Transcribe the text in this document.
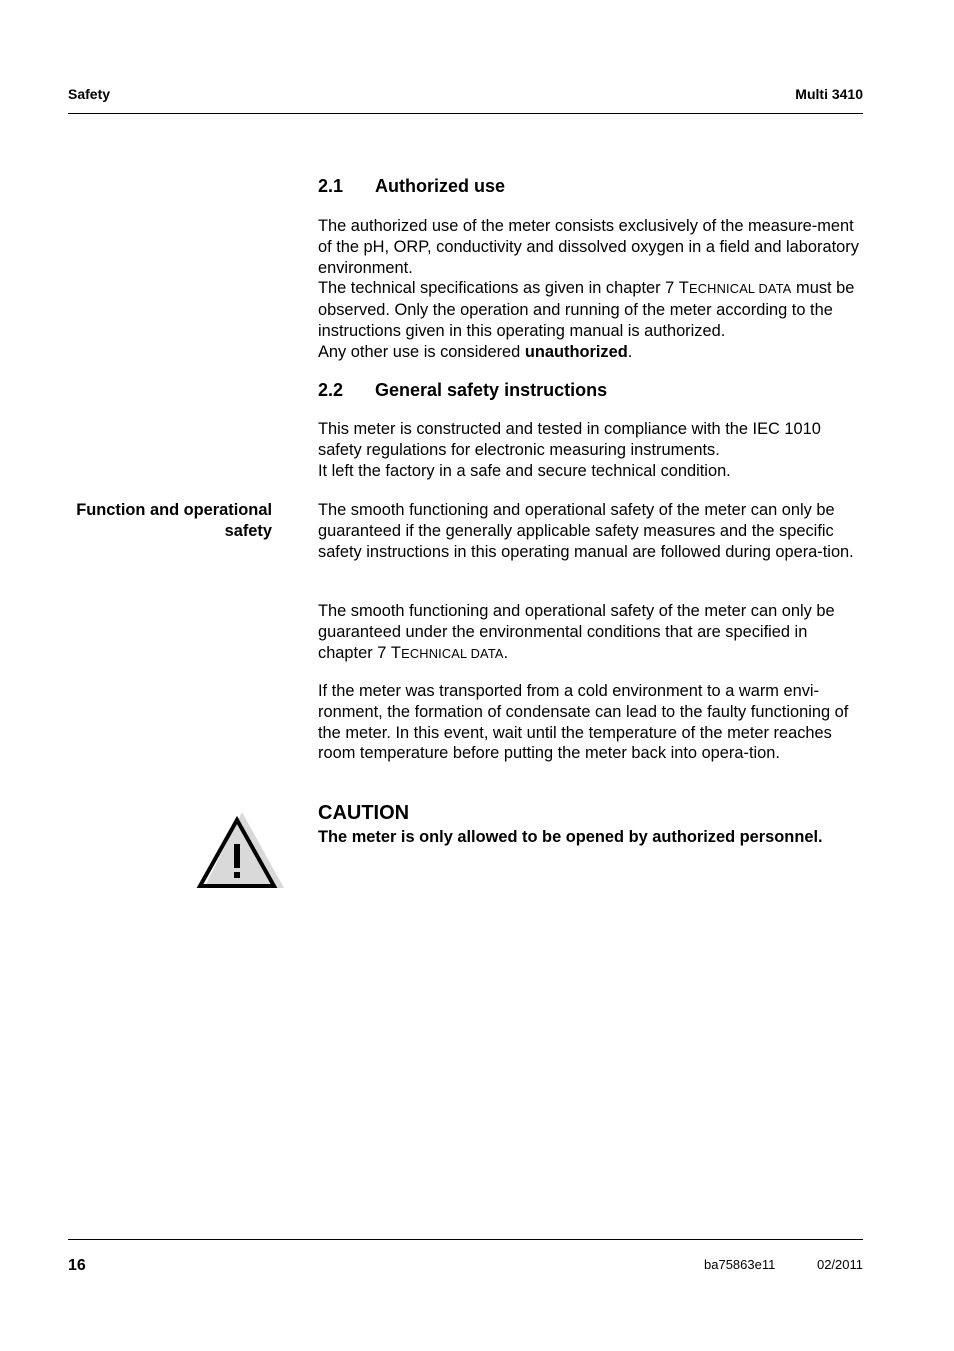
Safety	Multi 3410
2.1 Authorized use

The authorized use of the meter consists exclusively of the measure-ment of the pH, ORP, conductivity and dissolved oxygen in a field and laboratory environment.

The technical specifications as given in chapter 7 TECHNICAL DATA must be observed. Only the operation and running of the meter according to the instructions given in this operating manual is authorized.

Any other use is considered unauthorized.

2.2 General safety instructions

This meter is constructed and tested in compliance with the IEC 1010 safety regulations for electronic measuring instruments.

It left the factory in a safe and secure technical condition.

Function and operational safety
The smooth functioning and operational safety of the meter can only be guaranteed if the generally applicable safety measures and the specific safety instructions in this operating manual are followed during opera-tion.
The smooth functioning and operational safety of the meter can only be guaranteed under the environmental conditions that are specified in chapter 7 TECHNICAL DATA.
If the meter was transported from a cold environment to a warm envi-ronment, the formation of condensate can lead to the faulty functioning of the meter. In this event, wait until the temperature of the meter reaches room temperature before putting the meter back into opera-tion.
CAUTION
The meter is only allowed to be opened by authorized personnel.
16	ba75863e11	02/2011
